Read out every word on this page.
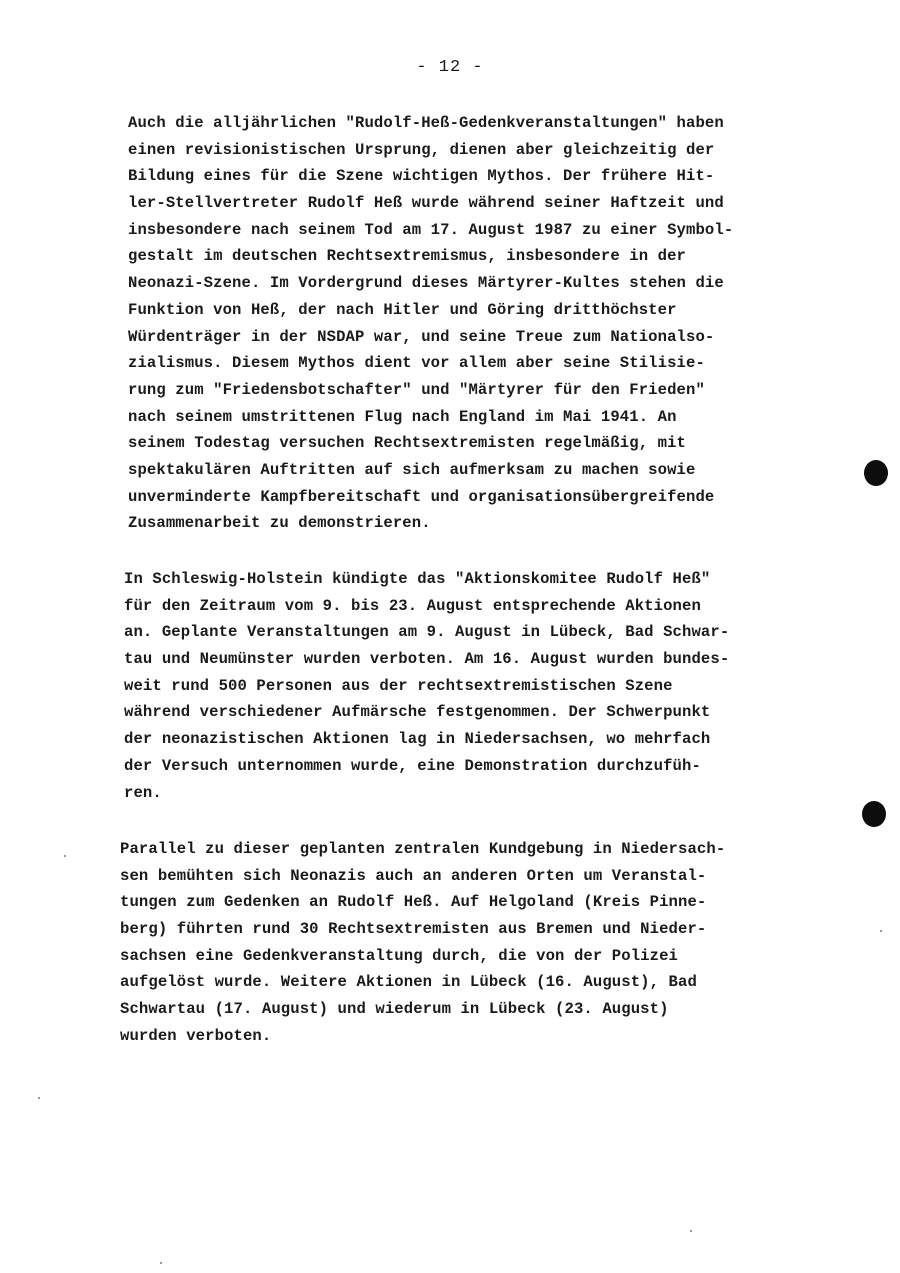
- 12 -
Auch die alljährlichen "Rudolf-Heß-Gedenkveranstaltungen" haben
einen revisionistischen Ursprung, dienen aber gleichzeitig der
Bildung eines für die Szene wichtigen Mythos. Der frühere Hit-
ler-Stellvertreter Rudolf Heß wurde während seiner Haftzeit und
insbesondere nach seinem Tod am 17. August 1987 zu einer Symbol-
gestalt im deutschen Rechtsextremismus, insbesondere in der
Neonazi-Szene. Im Vordergrund dieses Märtyrer-Kultes stehen die
Funktion von Heß, der nach Hitler und Göring dritthöchster
Würdenträger in der NSDAP war, und seine Treue zum Nationalso-
zialismus. Diesem Mythos dient vor allem aber seine Stilisie-
rung zum "Friedensbotschafter" und "Märtyrer für den Frieden"
nach seinem umstrittenen Flug nach England im Mai 1941. An
seinem Todestag versuchen Rechtsextremisten regelmäßig, mit
spektakulären Auftritten auf sich aufmerksam zu machen sowie
unverminderte Kampfbereitschaft und organisationsübergreifende
Zusammenarbeit zu demonstrieren.
In Schleswig-Holstein kündigte das "Aktionskomitee Rudolf Heß"
für den Zeitraum vom 9. bis 23. August entsprechende Aktionen
an. Geplante Veranstaltungen am 9. August in Lübeck, Bad Schwar-
tau und Neumünster wurden verboten. Am 16. August wurden bundes-
weit rund 500 Personen aus der rechtsextremistischen Szene
während verschiedener Aufmärsche festgenommen. Der Schwerpunkt
der neonazistischen Aktionen lag in Niedersachsen, wo mehrfach
der Versuch unternommen wurde, eine Demonstration durchzufüh-
ren.
Parallel zu dieser geplanten zentralen Kundgebung in Niedersach-
sen bemühten sich Neonazis auch an anderen Orten um Veranstal-
tungen zum Gedenken an Rudolf Heß. Auf Helgoland (Kreis Pinne-
berg) führten rund 30 Rechtsextremisten aus Bremen und Nieder-
sachsen eine Gedenkveranstaltung durch, die von der Polizei
aufgelöst wurde. Weitere Aktionen in Lübeck (16. August), Bad
Schwartau (17. August) und wiederum in Lübeck (23. August)
wurden verboten.
